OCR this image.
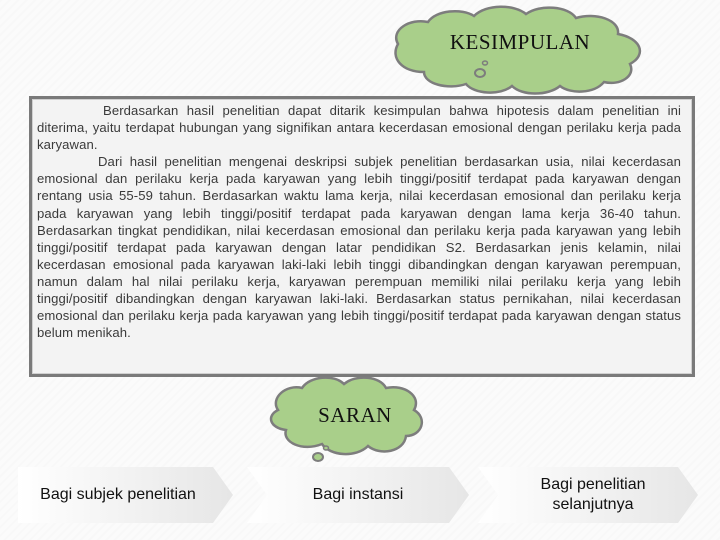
KESIMPULAN

Berdasarkan hasil penelitian dapat ditarik kesimpulan bahwa hipotesis dalam penelitian ini diterima, yaitu terdapat hubungan yang signifikan antara kecerdasan emosional dengan perilaku kerja pada karyawan.

Dari hasil penelitian mengenai deskripsi subjek penelitian berdasarkan usia, nilai kecerdasan emosional dan perilaku kerja pada karyawan yang lebih tinggi/positif terdapat pada karyawan dengan rentang usia 55-59 tahun. Berdasarkan waktu lama kerja, nilai kecerdasan emosional dan perilaku kerja pada karyawan yang lebih tinggi/positif terdapat pada karyawan dengan lama kerja 36-40 tahun. Berdasarkan tingkat pendidikan, nilai kecerdasan emosional dan perilaku kerja pada karyawan yang lebih tinggi/positif terdapat pada karyawan dengan latar pendidikan S2. Berdasarkan jenis kelamin, nilai kecerdasan emosional pada karyawan laki-laki lebih tinggi dibandingkan dengan karyawan perempuan, namun dalam hal nilai perilaku kerja, karyawan perempuan memiliki nilai perilaku kerja yang lebih tinggi/positif dibandingkan dengan karyawan laki-laki. Berdasarkan status pernikahan, nilai kecerdasan emosional dan perilaku kerja pada karyawan yang lebih tinggi/positif terdapat pada karyawan dengan status belum menikah.

SARAN
Bagi subjek penelitian	Bagi instansi
Bagi penelitian selanjutnya
